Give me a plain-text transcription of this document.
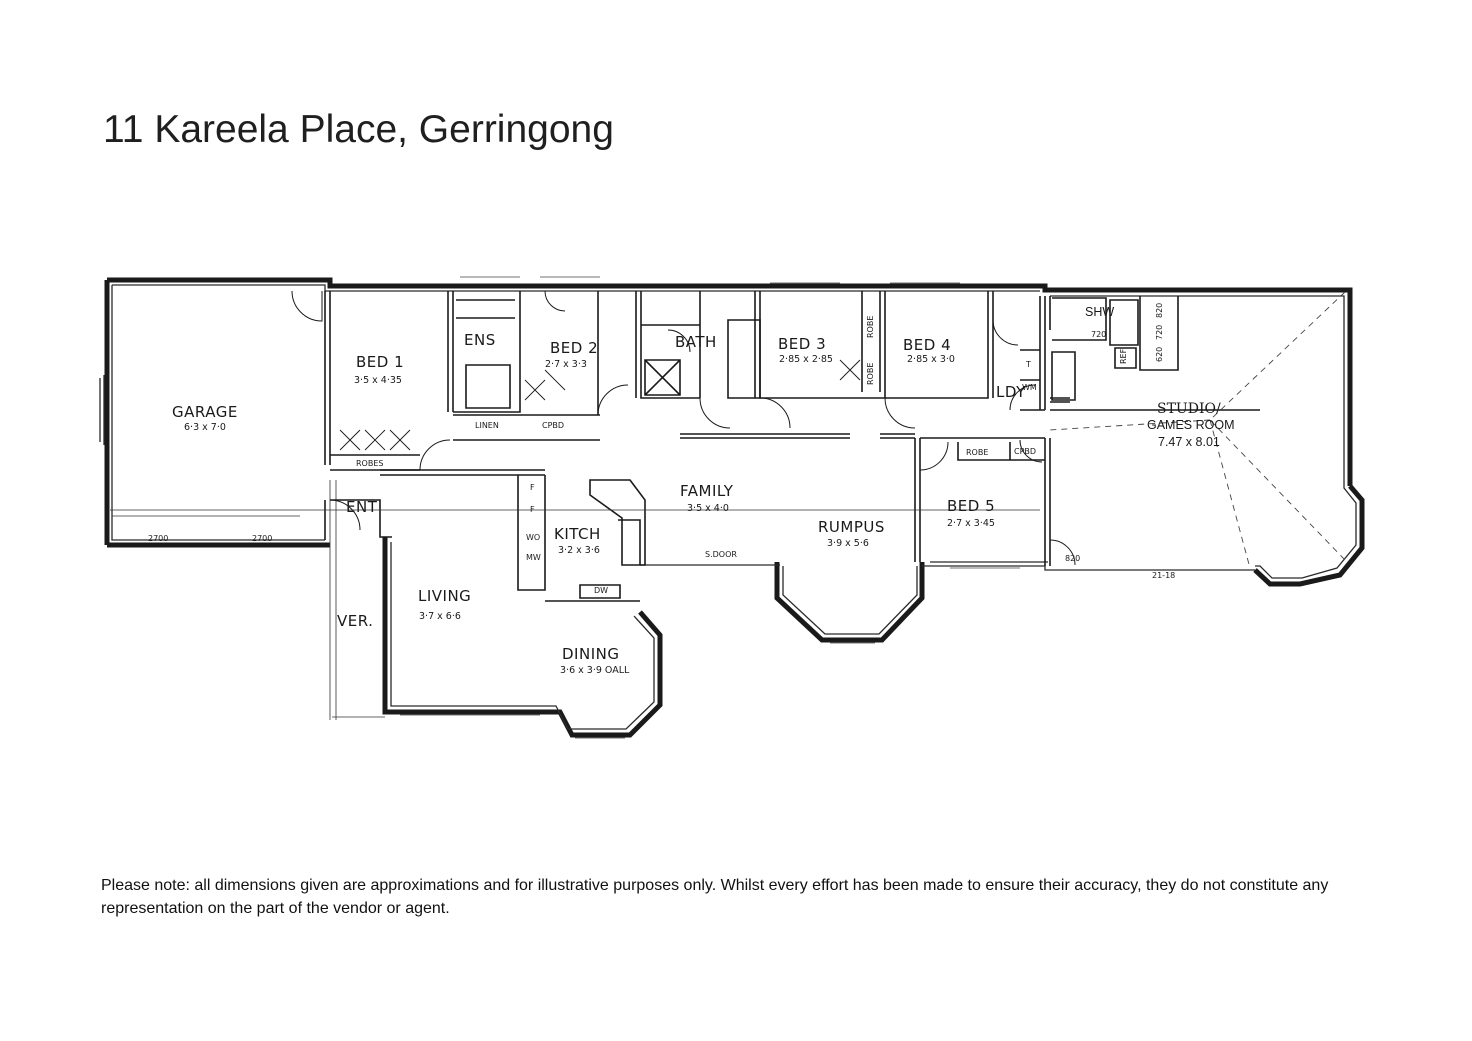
11 Kareela Place, Gerringong
GARAGE
6·3 x 7·0
BED 1
3·5 x 4·35
ENS	BED 2
2·7 x 3·3
BATH	BED 3
2·85 x 2·85
BED 4
2·85 x 3·0
LDY
STUDIO/
GAMES ROOM
7.47 x 8.01
FAMILY
3·5 x 4·0
RUMPUS
3·9 x 5·6
BED 5
2·7 x 3·45
KITCH
3·2 x 3·6
LIVING
3·7 x 6·6
DINING
3·6 x 3·9 OALL
ROBES
LINEN	CPBD
ROBE
ROBE
ROBE	CPBD
ENT
VER.
S.DOOR
SHW
REF
WM
T
WO
MW
F
F
DW
2700	2700
720
820
21-18
820
720
620

Please note: all dimensions given are approximations and for illustrative purposes only. Whilst every effort has been made to ensure their accuracy, they do not constitute any representation on the part of the vendor or agent.
